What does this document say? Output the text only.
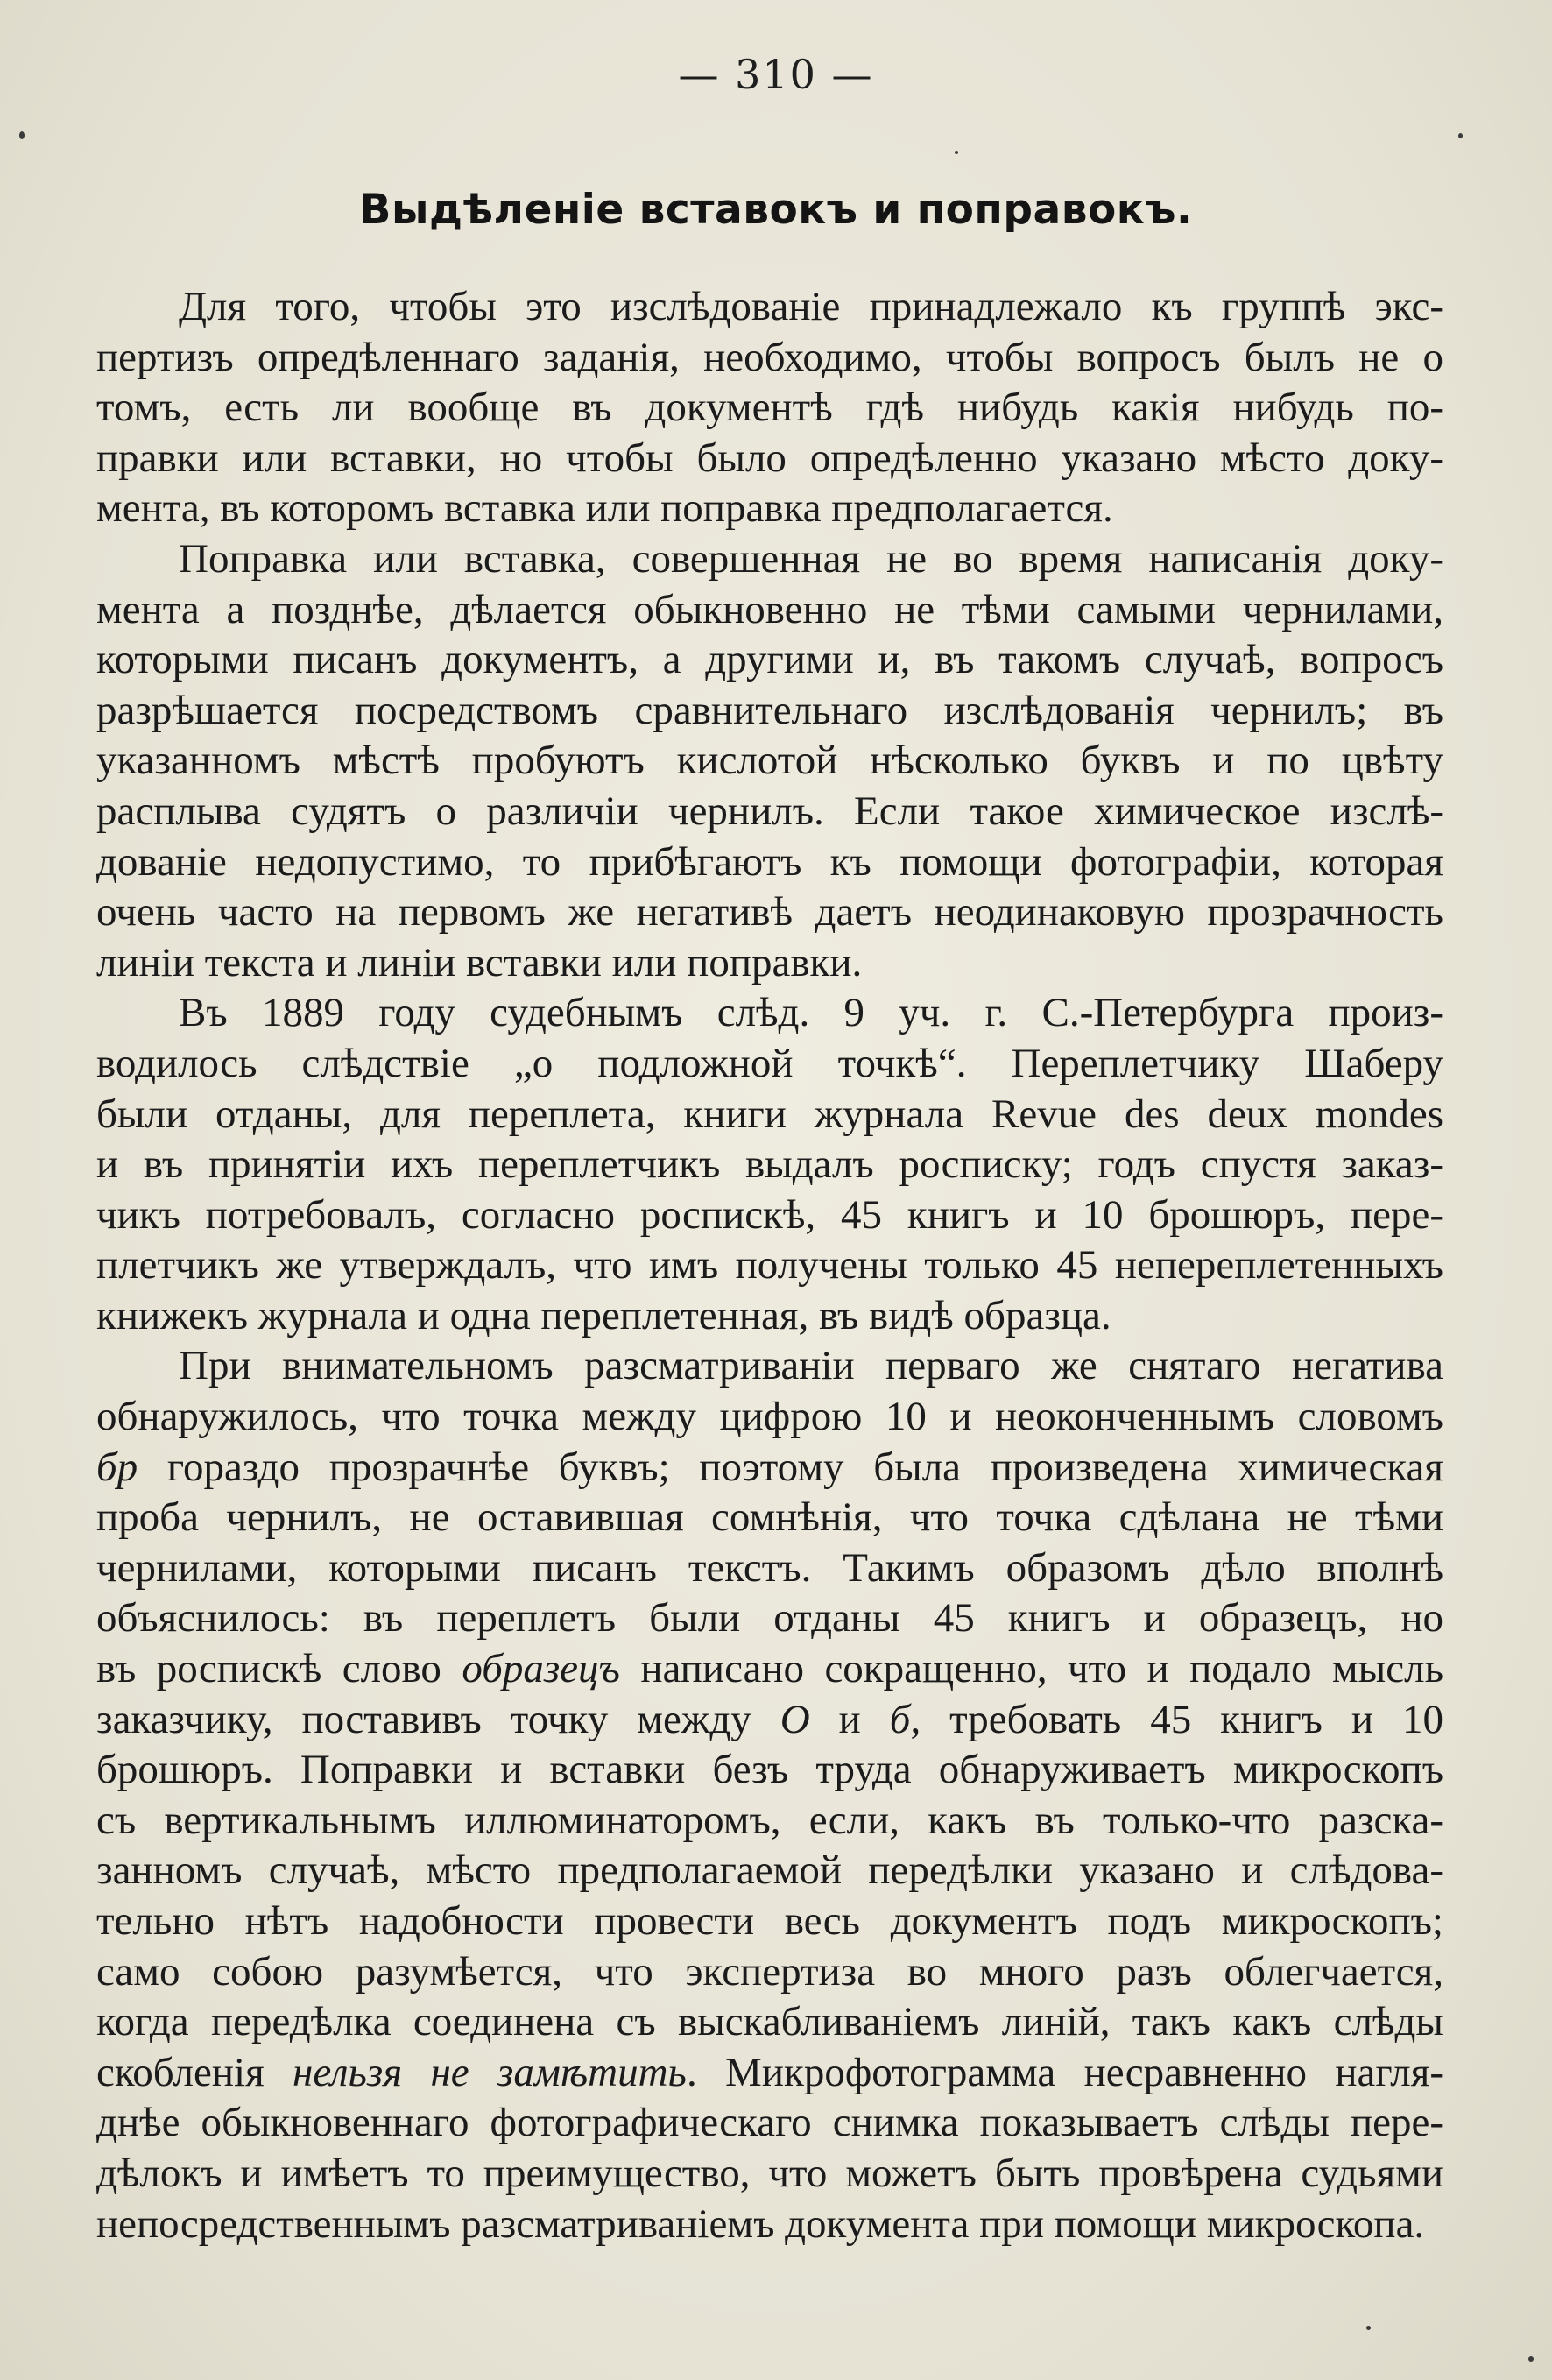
— 310 —
Выдѣленіе вставокъ и поправокъ.
Для того, чтобы это изслѣдованіе принадлежало къ группѣ экс-
пертизъ опредѣленнаго заданія, необходимо, чтобы вопросъ былъ не о
томъ, есть ли вообще въ документѣ гдѣ нибудь какія нибудь по-
правки или вставки, но чтобы было опредѣленно указано мѣсто доку-
мента, въ которомъ вставка или поправка предполагается.
Поправка или вставка, совершенная не во время написанія доку-
мента а позднѣе, дѣлается обыкновенно не тѣми самыми чернилами,
которыми писанъ документъ, а другими и, въ такомъ случаѣ, вопросъ
разрѣшается посредствомъ сравнительнаго изслѣдованія чернилъ; въ
указанномъ мѣстѣ пробуютъ кислотой нѣсколько буквъ и по цвѣту
расплыва судятъ о различіи чернилъ. Если такое химическое изслѣ-
дованіе недопустимо, то прибѣгаютъ къ помощи фотографіи, которая
очень часто на первомъ же негативѣ даетъ неодинаковую прозрачность
линіи текста и линіи вставки или поправки.
Въ 1889 году судебнымъ слѣд. 9 уч. г. С.-Петербурга произ-
водилось слѣдствіе „о подложной точкѣ“. Переплетчику Шаберу
были отданы, для переплета, книги журнала Revue des deux mondes
и въ принятіи ихъ переплетчикъ выдалъ росписку; годъ спустя заказ-
чикъ потребовалъ, согласно роспискѣ, 45 книгъ и 10 брошюръ, пере-
плетчикъ же утверждалъ, что имъ получены только 45 непереплетенныхъ
книжекъ журнала и одна переплетенная, въ видѣ образца.
При внимательномъ разсматриваніи перваго же снятаго негатива
обнаружилось, что точка между цифрою 10 и неоконченнымъ словомъ
бр гораздо прозрачнѣе буквъ; поэтому была произведена химическая
проба чернилъ, не оставившая сомнѣнія, что точка сдѣлана не тѣми
чернилами, которыми писанъ текстъ. Такимъ образомъ дѣло вполнѣ
объяснилось: въ переплетъ были отданы 45 книгъ и образецъ, но
въ роспискѣ слово образецъ написано сокращенно, что и подало мысль
заказчику, поставивъ точку между О и б, требовать 45 книгъ и 10
брошюръ. Поправки и вставки безъ труда обнаруживаетъ микроскопъ
съ вертикальнымъ иллюминаторомъ, если, какъ въ только-что разска-
занномъ случаѣ, мѣсто предполагаемой передѣлки указано и слѣдова-
тельно нѣтъ надобности провести весь документъ подъ микроскопъ;
само собою разумѣется, что экспертиза во много разъ облегчается,
когда передѣлка соединена съ выскабливаніемъ линій, такъ какъ слѣды
скобленія нельзя не замѣтить. Микрофотограмма несравненно нагля-
днѣе обыкновеннаго фотографическаго снимка показываетъ слѣды пере-
дѣлокъ и имѣетъ то преимущество, что можетъ быть провѣрена судьями
непосредственнымъ разсматриваніемъ документа при помощи микроскопа.
